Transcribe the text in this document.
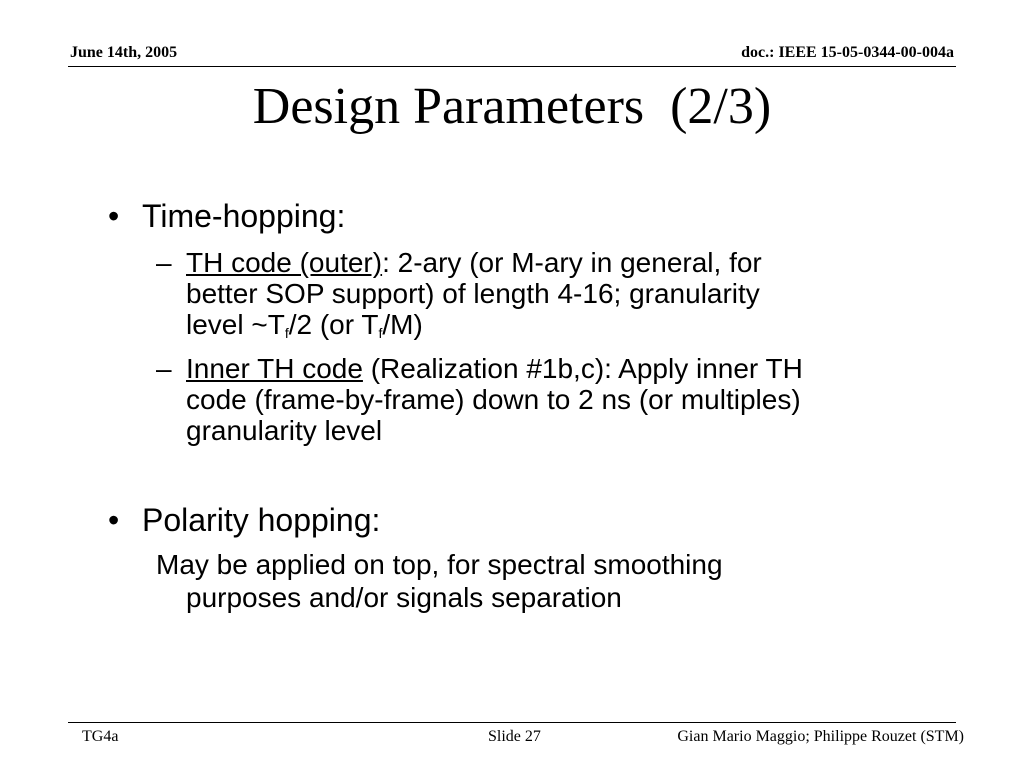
June 14th, 2005	doc.: IEEE 15-05-0344-00-004a
Design Parameters  (2/3)
• Time-hopping:
– TH code (outer): 2-ary (or M-ary in general, for
better SOP support) of length 4-16; granularity
level $\sim T_f/2$ (or $T_f/M$)
– Inner TH code (Realization #1b,c): Apply inner TH
code (frame-by-frame) down to 2 ns (or multiples)
granularity level
• Polarity hopping:
May be applied on top, for spectral smoothing
purposes and/or signals separation
TG4a	Slide 27	Gian Mario Maggio; Philippe Rouzet (STM)
